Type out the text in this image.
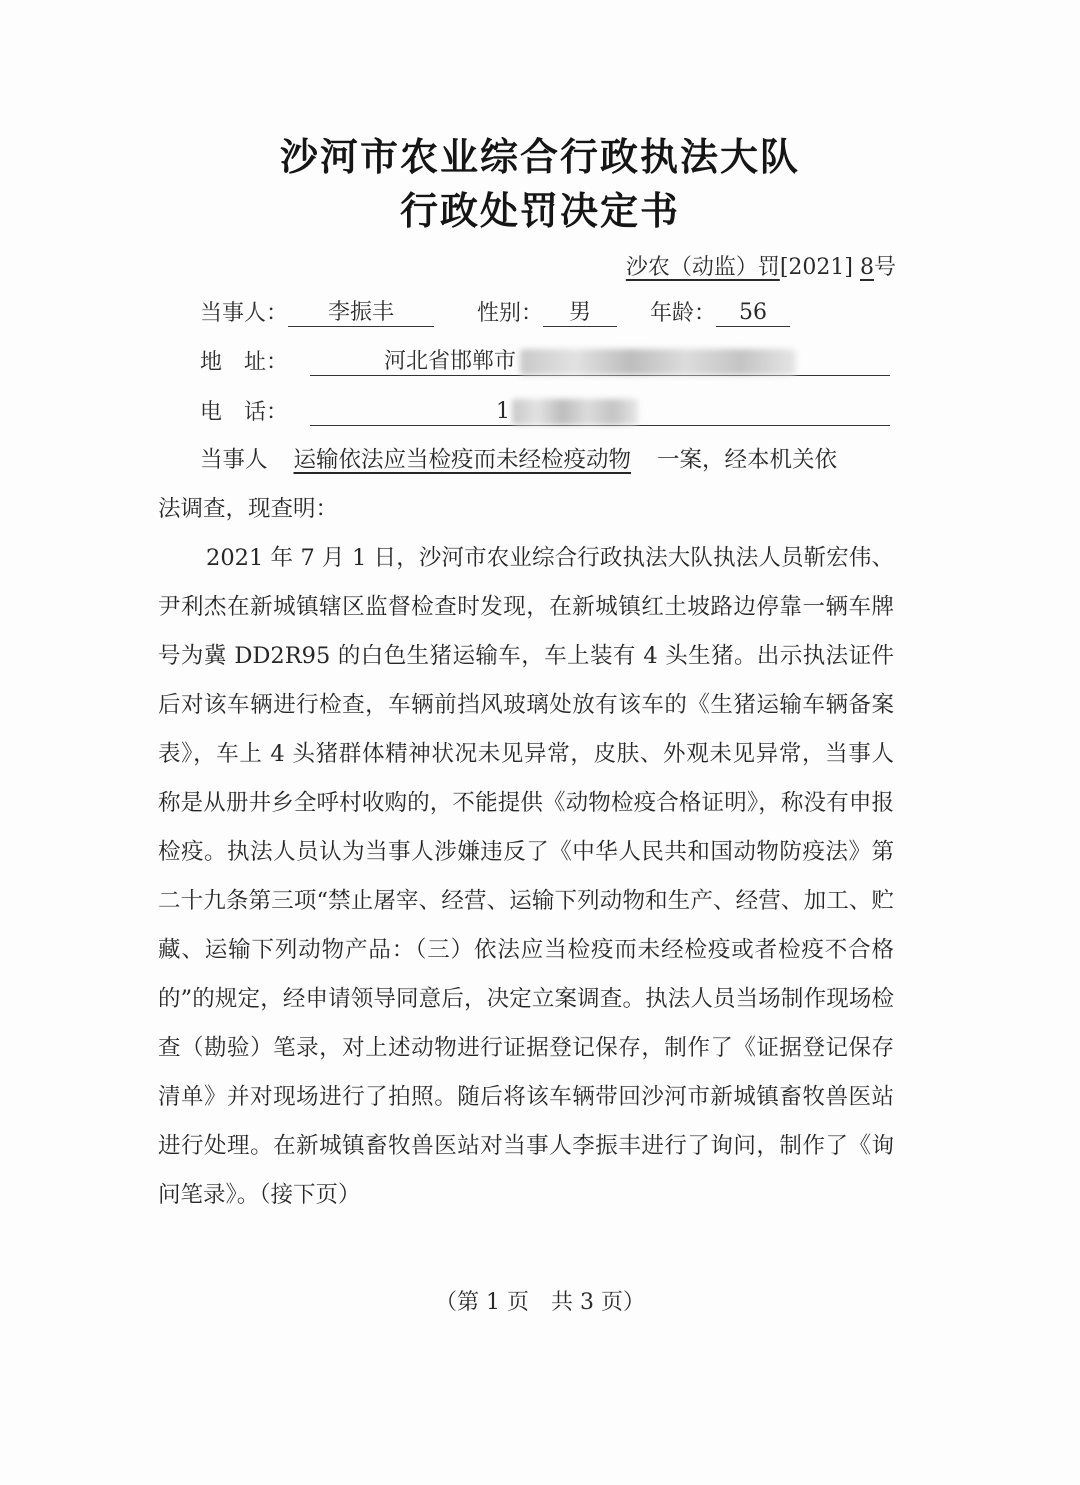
沙河市农业综合行政执法大队
行政处罚决定书
沙农（动监）罚[2021] 8号
当事人： 李振丰	性别： 男	年龄： 56
地　址：	河北省邯郸市
电　话：	1
当事人 运输依法应当检疫而未经检疫动物 一案，经本机关依
法调查，现查明：
2021 年 7 月 1 日，沙河市农业综合行政执法大队执法人员靳宏伟、尹利杰在新城镇辖区监督检查时发现，在新城镇红土坡路边停靠一辆车牌号为冀 DD2R95 的白色生猪运输车，车上装有 4 头生猪。出示执法证件后对该车辆进行检查，车辆前挡风玻璃处放有该车的《生猪运输车辆备案表》，车上 4 头猪群体精神状况未见异常，皮肤、外观未见异常，当事人称是从册井乡全呼村收购的，不能提供《动物检疫合格证明》，称没有申报检疫。执法人员认为当事人涉嫌违反了《中华人民共和国动物防疫法》第二十九条第三项“禁止屠宰、经营、运输下列动物和生产、经营、加工、贮藏、运输下列动物产品：（三）依法应当检疫而未经检疫或者检疫不合格的”的规定，经申请领导同意后，决定立案调查。执法人员当场制作现场检查（勘验）笔录，对上述动物进行证据登记保存，制作了《证据登记保存清单》并对现场进行了拍照。随后将该车辆带回沙河市新城镇畜牧兽医站进行处理。在新城镇畜牧兽医站对当事人李振丰进行了询问，制作了《询问笔录》。（接下页）
（第 1 页　共 3 页）
